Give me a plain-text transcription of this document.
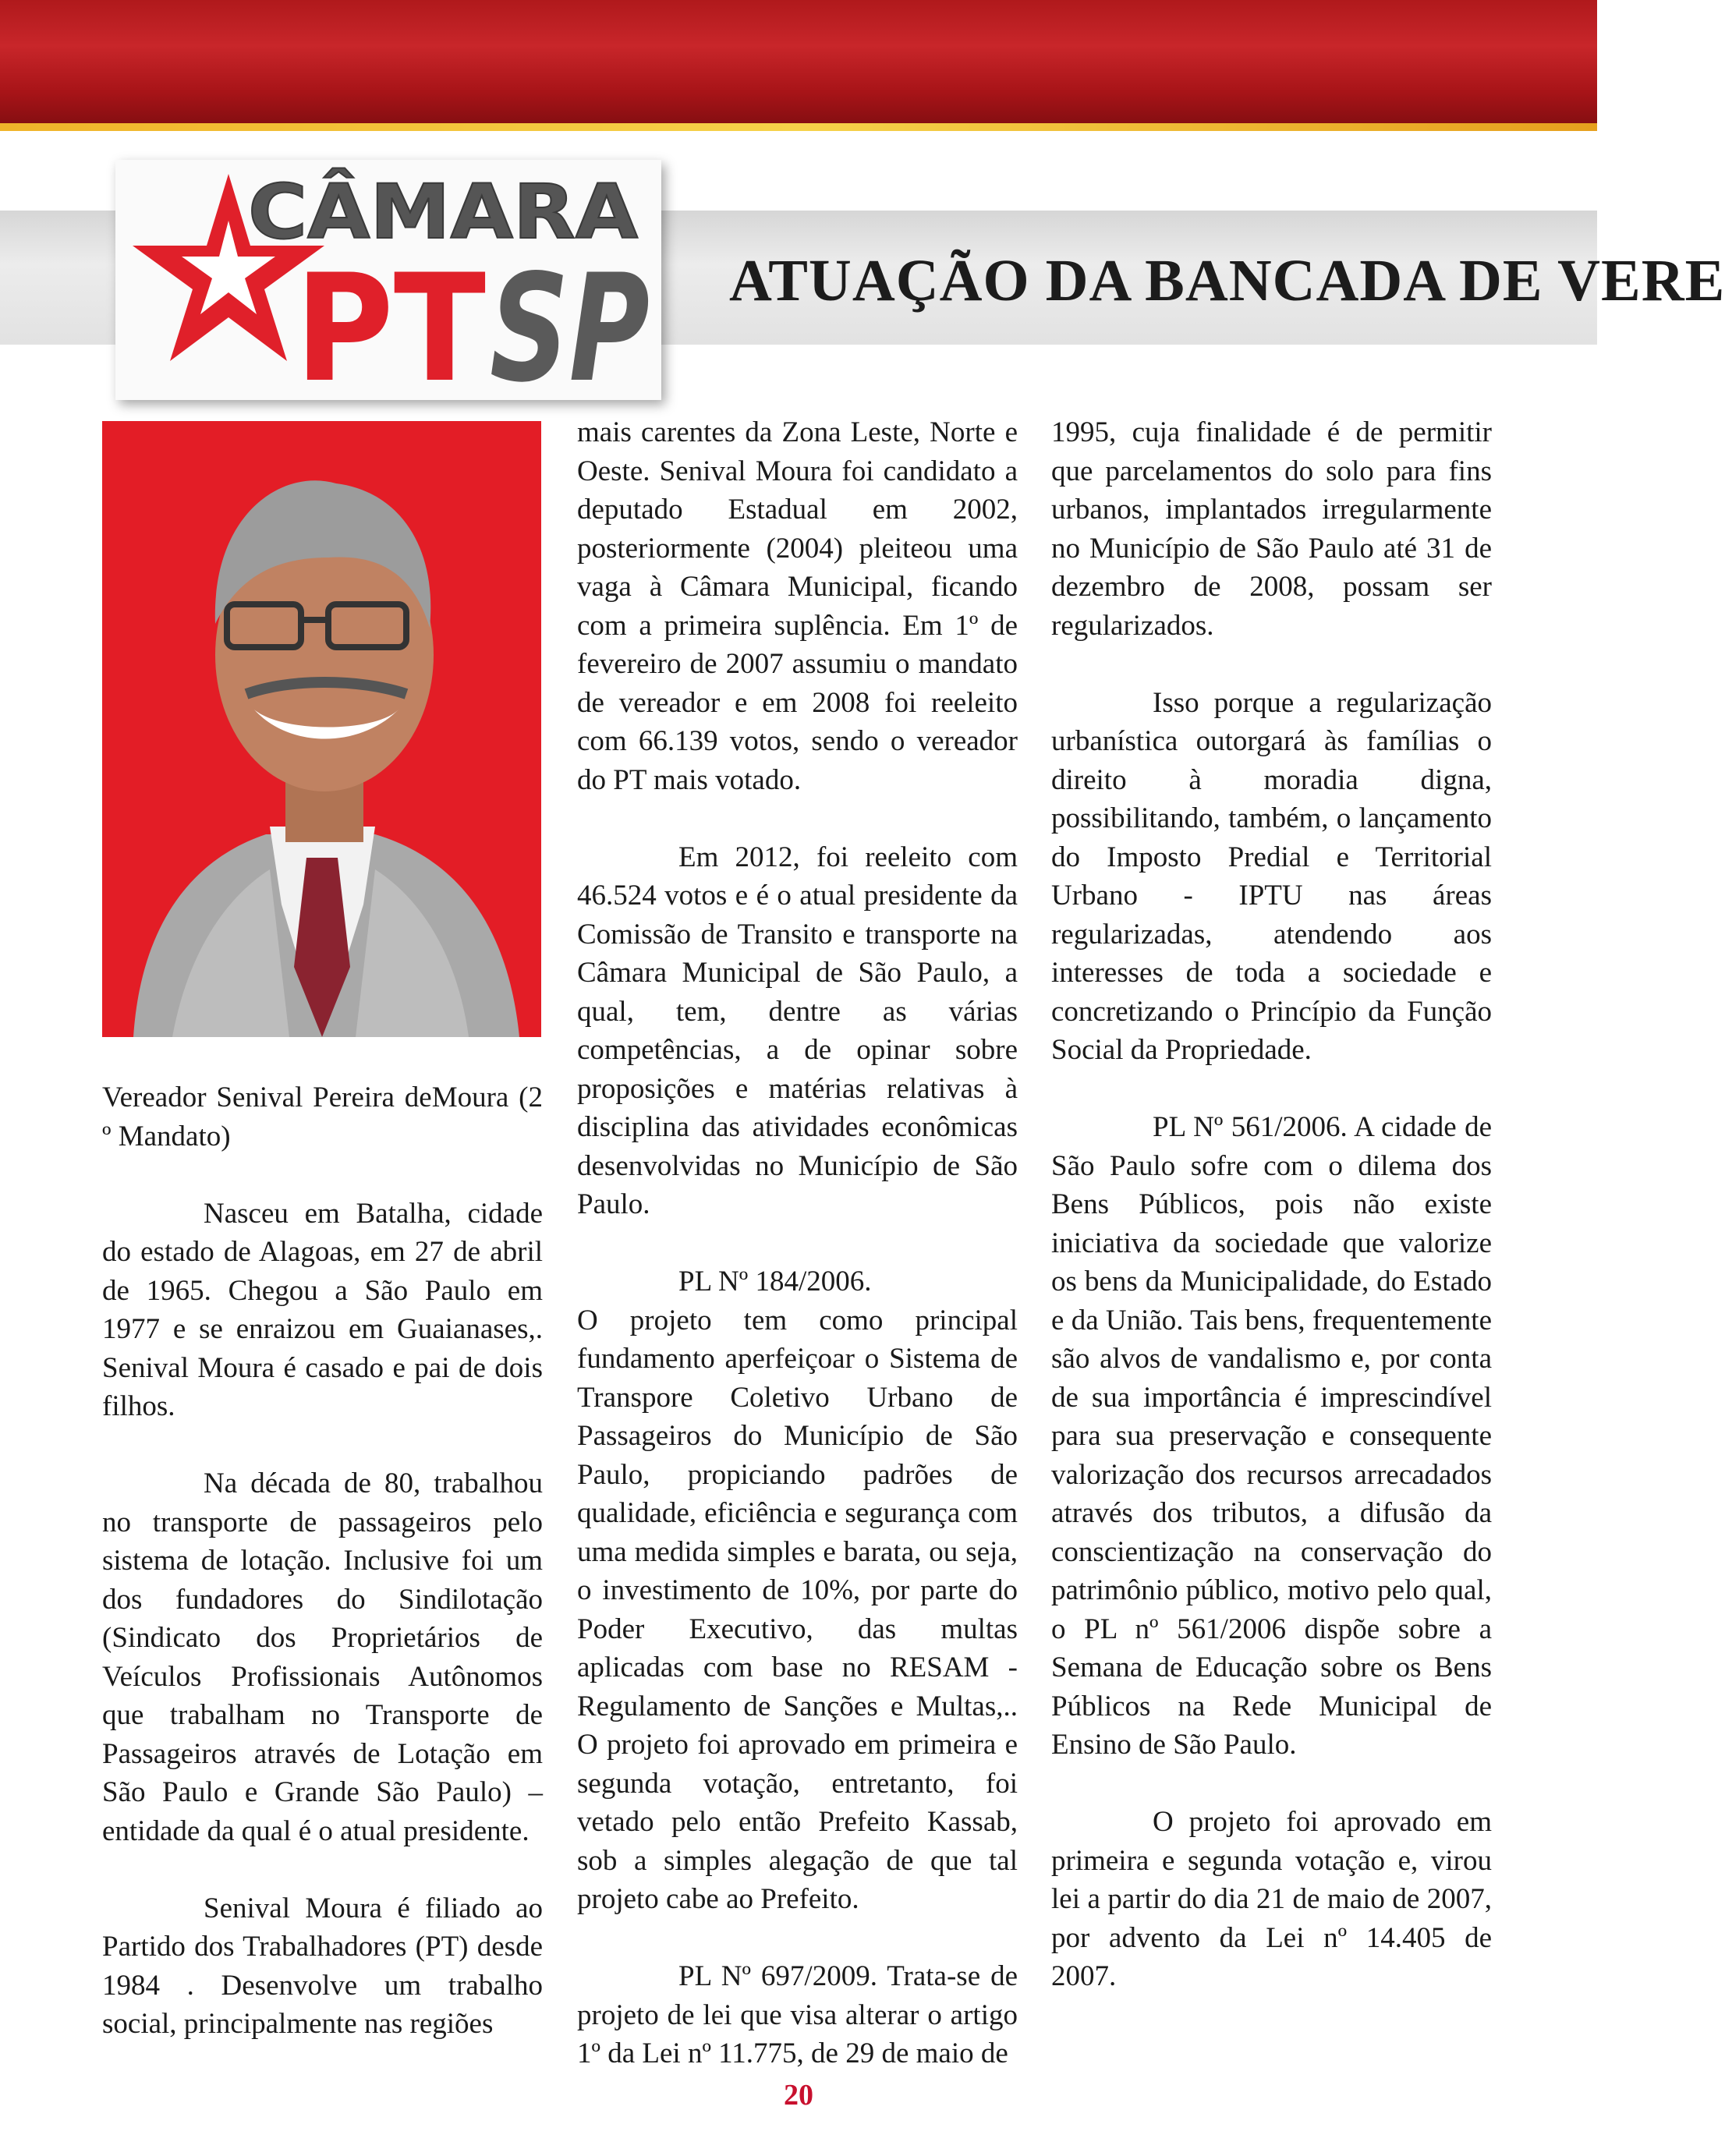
ATUAÇÃO DA BANCADA DE VERE
CÂMARA
PT SP

Vereador Senival Pereira deMoura (2 º Mandato)

Nasceu em Batalha, cidade do estado de Alagoas, em 27 de abril de 1965. Chegou a São Paulo em 1977 e se enraizou em Guaianases,. Senival Moura é casado e pai de dois filhos.

Na década de 80, trabalhou no transporte de passageiros pelo sistema de lotação. Inclusive foi um dos fundadores do Sindilotação (Sindicato dos Proprietários de Veículos Profissionais Autônomos que trabalham no Transporte de Passageiros através de Lotação em São Paulo e Grande São Paulo) – entidade da qual é o atual presidente.

Senival Moura é filiado ao Partido dos Trabalhadores (PT) desde 1984 . Desenvolve um trabalho social, principalmente nas regiões

mais carentes da Zona Leste, Norte e Oeste. Senival Moura foi candidato a deputado Estadual em 2002, posteriormente (2004) pleiteou uma vaga à Câmara Municipal, ficando com a primeira suplência. Em 1º de fevereiro de 2007 assumiu o mandato de vereador e em 2008 foi reeleito com 66.139 votos, sendo o vereador do PT mais votado.

Em 2012, foi reeleito com 46.524 votos e é o atual presidente da Comissão de Transito e transporte na Câmara Municipal de São Paulo, a qual, tem, dentre as várias competências, a de opinar sobre proposições e matérias relativas à disciplina das atividades econômicas desenvolvidas no Município de São Paulo.

PL Nº 184/2006.

O projeto tem como principal fundamento aperfeiçoar o Sistema de Transpore Coletivo Urbano de Passageiros do Município de São Paulo, propiciando padrões de qualidade, eficiência e segurança com uma medida simples e barata, ou seja, o investimento de 10%, por parte do Poder Executivo, das multas aplicadas com base no RESAM - Regulamento de Sanções e Multas,.. O projeto foi aprovado em primeira e segunda votação, entretanto, foi vetado pelo então Prefeito Kassab, sob a simples alegação de que tal projeto cabe ao Prefeito.

PL Nº 697/2009. Trata-se de projeto de lei que visa alterar o artigo 1º da Lei nº 11.775, de 29 de maio de

1995, cuja finalidade é de permitir que parcelamentos do solo para fins urbanos, implantados irregularmente no Município de São Paulo até 31 de dezembro de 2008, possam ser regularizados.

Isso porque a regularização urbanística outorgará às famílias o direito à moradia digna, possibilitando, também, o lançamento do Imposto Predial e Territorial Urbano - IPTU nas áreas regularizadas, atendendo aos interesses de toda a sociedade e concretizando o Princípio da Função Social da Propriedade.

PL Nº 561/2006. A cidade de São Paulo sofre com o dilema dos Bens Públicos, pois não existe iniciativa da sociedade que valorize os bens da Municipalidade, do Estado e da União. Tais bens, frequentemente são alvos de vandalismo e, por conta de sua importância é imprescindível para sua preservação e consequente valorização dos recursos arrecadados através dos tributos, a difusão da conscientização na conservação do patrimônio público, motivo pelo qual, o PL nº 561/2006 dispõe sobre a Semana de Educação sobre os Bens Públicos na Rede Municipal de Ensino de São Paulo.

O projeto foi aprovado em primeira e segunda votação e, virou lei a partir do dia 21 de maio de 2007, por advento da Lei nº 14.405 de 2007.

20
